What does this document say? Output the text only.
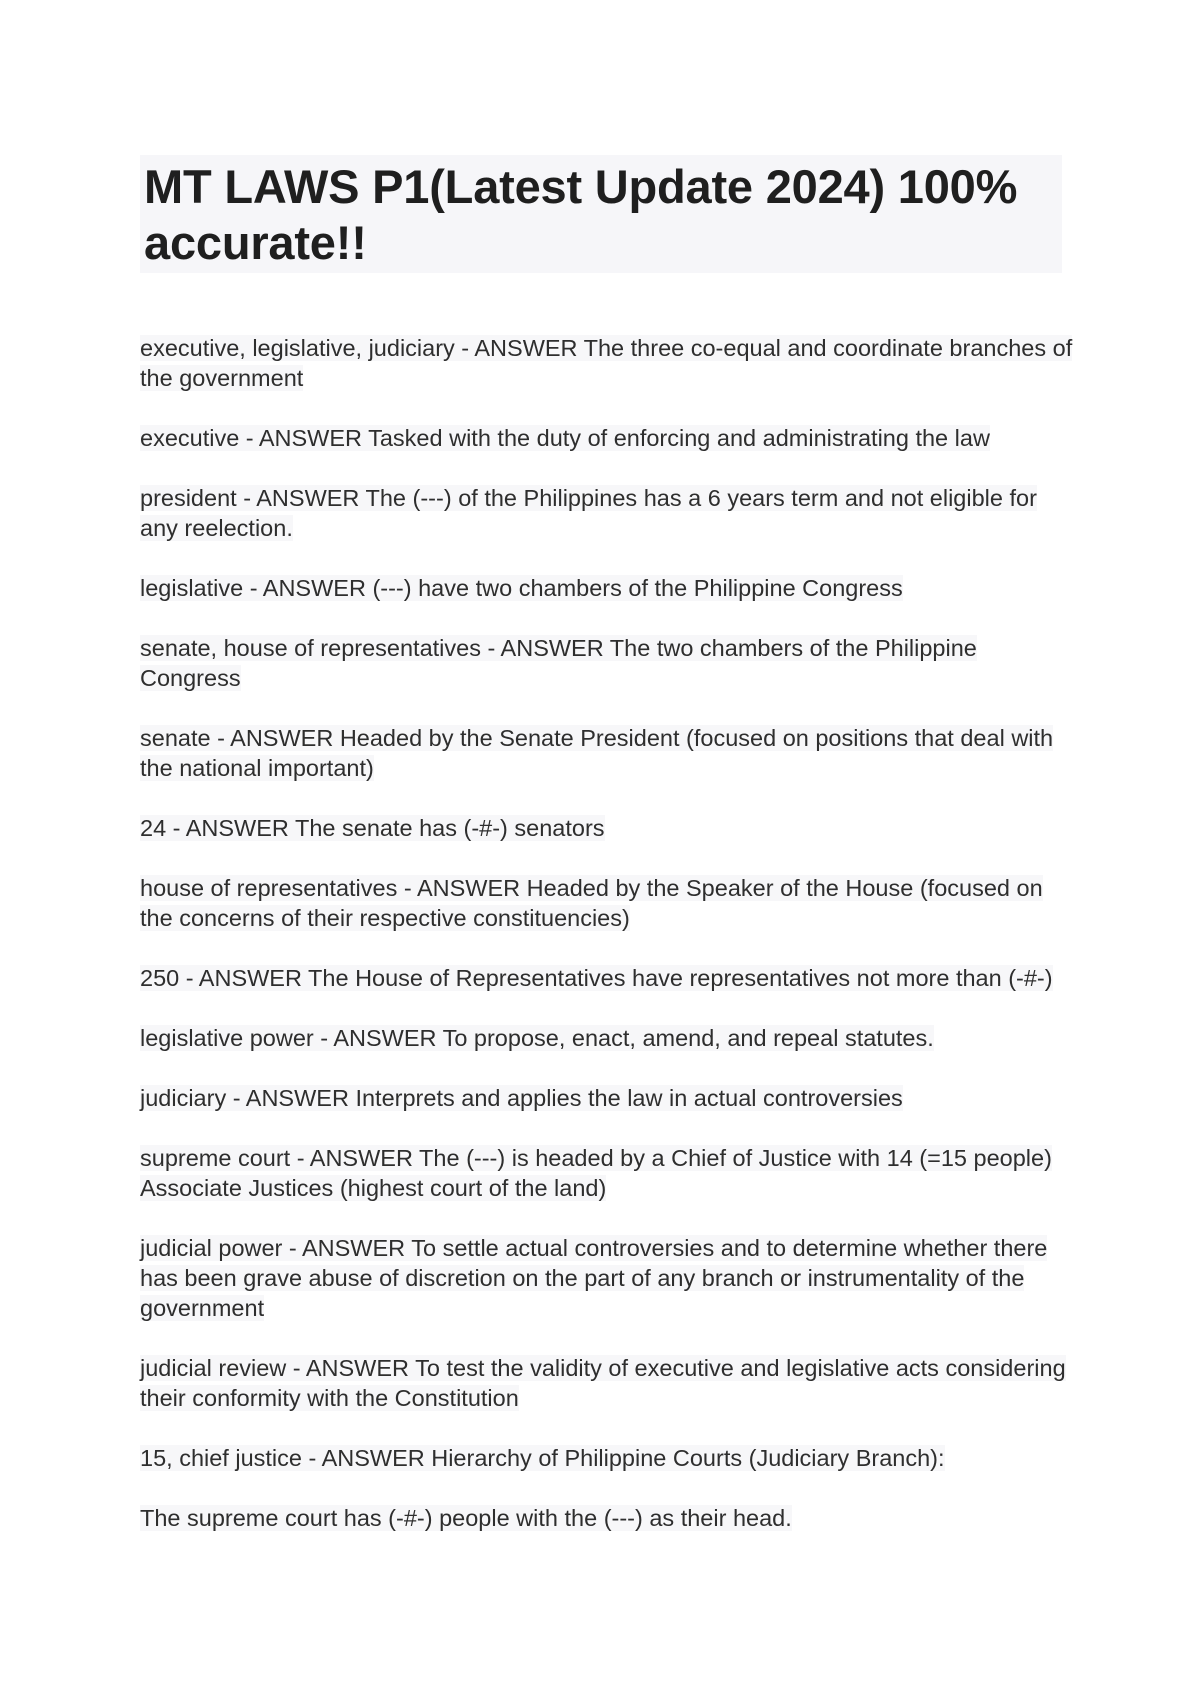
MT LAWS P1(Latest Update 2024) 100% accurate!!
executive, legislative, judiciary - ANSWER The three co-equal and coordinate branches of the government
executive - ANSWER Tasked with the duty of enforcing and administrating the law
president - ANSWER The (---) of the Philippines has a 6 years term and not eligible for any reelection.
legislative - ANSWER (---) have two chambers of the Philippine Congress
senate, house of representatives - ANSWER The two chambers of the Philippine Congress
senate - ANSWER Headed by the Senate President (focused on positions that deal with the national important)
24 - ANSWER The senate has (-#-) senators
house of representatives - ANSWER Headed by the Speaker of the House (focused on the concerns of their respective constituencies)
250 - ANSWER The House of Representatives have representatives not more than (-#-)
legislative power - ANSWER To propose, enact, amend, and repeal statutes.
judiciary - ANSWER Interprets and applies the law in actual controversies
supreme court - ANSWER The (---) is headed by a Chief of Justice with 14 (=15 people) Associate Justices (highest court of the land)
judicial power - ANSWER To settle actual controversies and to determine whether there has been grave abuse of discretion on the part of any branch or instrumentality of the government
judicial review - ANSWER To test the validity of executive and legislative acts considering their conformity with the Constitution
15, chief justice - ANSWER Hierarchy of Philippine Courts (Judiciary Branch):
The supreme court has (-#-) people with the (---) as their head.
